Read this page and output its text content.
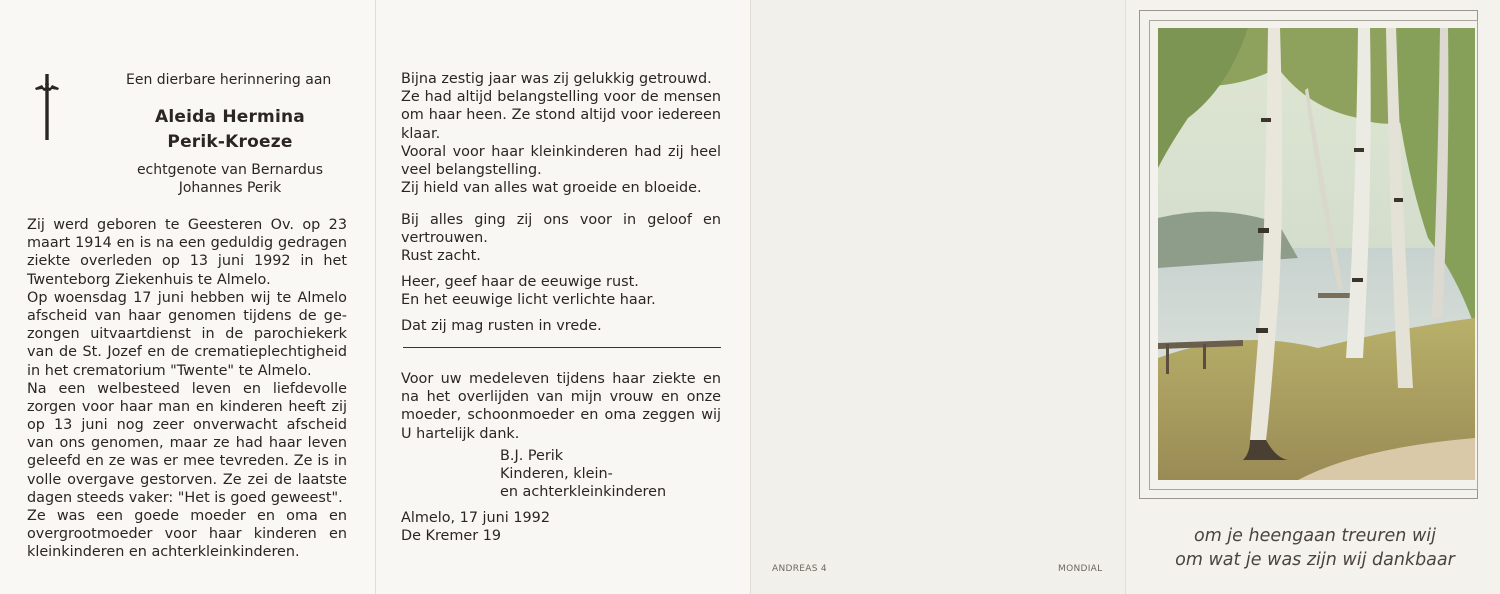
Een dierbare herinnering aan
Aleida Hermina
Perik-Kroeze
echtgenote van Bernardus
Johannes Perik
Zij werd geboren te Geesteren Ov. op 23
maart 1914 en is na een geduldig gedragen
ziekte overleden op 13 juni 1992 in het
Twenteborg Ziekenhuis te Almelo.
Op woensdag 17 juni hebben wij te Almelo
afscheid van haar genomen tijdens de ge-
zongen uitvaartdienst in de parochiekerk
van de St. Jozef en de crematieplechtigheid
in het crematorium "Twente" te Almelo.
Na een welbesteed leven en liefdevolle
zorgen voor haar man en kinderen heeft zij
op 13 juni nog zeer onverwacht afscheid
van ons genomen, maar ze had haar leven
geleefd en ze was er mee tevreden. Ze is in
volle overgave gestorven. Ze zei de laatste
dagen steeds vaker: "Het is goed geweest".
Ze was een goede moeder en oma en
overgrootmoeder voor haar kinderen en
kleinkinderen en achterkleinkinderen.
Bijna zestig jaar was zij gelukkig getrouwd.
Ze had altijd belangstelling voor de mensen
om haar heen. Ze stond altijd voor iedereen
klaar.
Vooral voor haar kleinkinderen had zij heel
veel belangstelling.
Zij hield van alles wat groeide en bloeide.
Bij alles ging zij ons voor in geloof en
vertrouwen.
Rust zacht.
Heer, geef haar de eeuwige rust.
En het eeuwige licht verlichte haar.
Dat zij mag rusten in vrede.
Voor uw medeleven tijdens haar ziekte en
na het overlijden van mijn vrouw en onze
moeder, schoonmoeder en oma zeggen wij
U hartelijk dank.
B.J. Perik
Kinderen, klein-
en achterkleinkinderen
Almelo, 17 juni 1992
De Kremer 19
ANDREAS 4	MONDIAL
om je heengaan treuren wij
om wat je was zijn wij dankbaar
